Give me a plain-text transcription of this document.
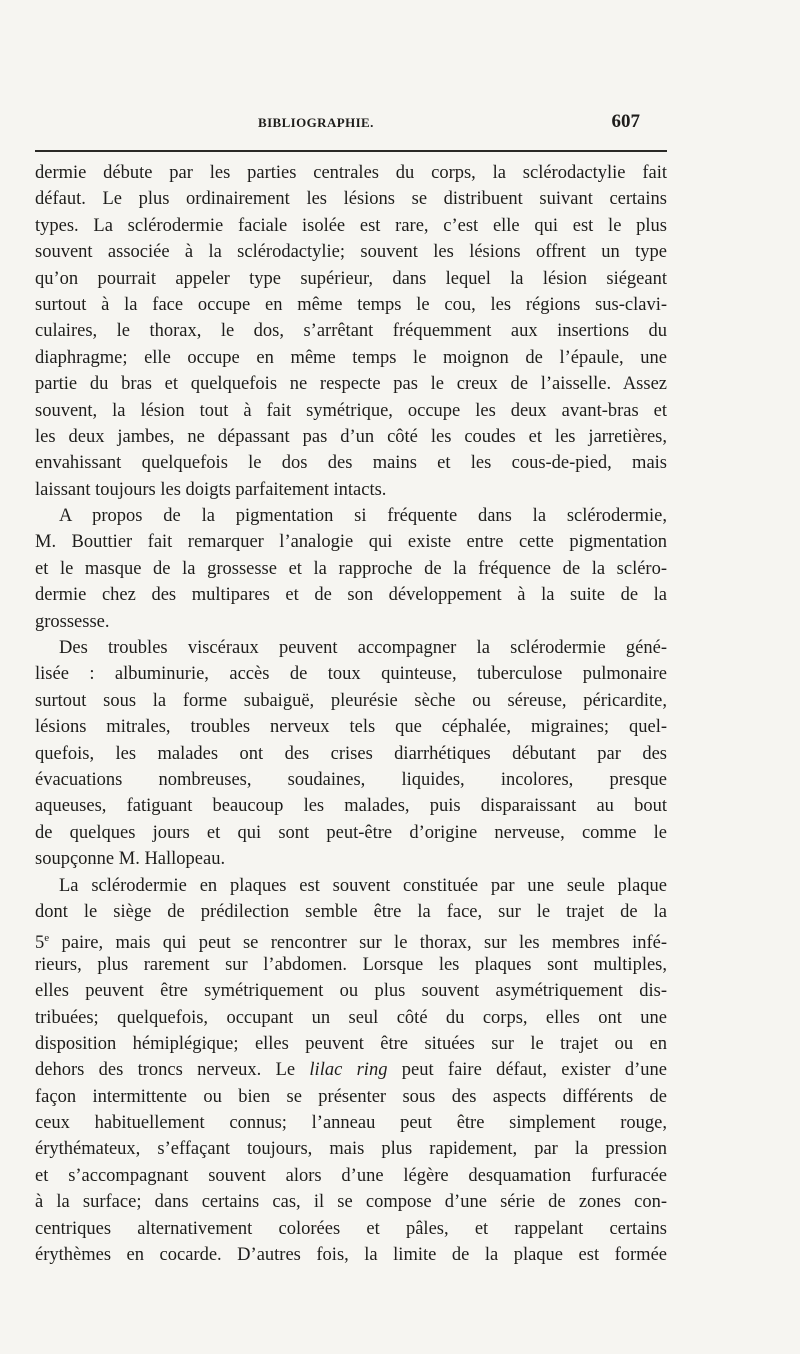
BIBLIOGRAPHIE.	607
dermie débute par les parties centrales du corps, la sclérodactylie fait
défaut. Le plus ordinairement les lésions se distribuent suivant certains
types. La sclérodermie faciale isolée est rare, c’est elle qui est le plus
souvent associée à la sclérodactylie; souvent les lésions offrent un type
qu’on pourrait appeler type supérieur, dans lequel la lésion siégeant
surtout à la face occupe en même temps le cou, les régions sus-clavi-
culaires, le thorax, le dos, s’arrêtant fréquemment aux insertions du
diaphragme; elle occupe en même temps le moignon de l’épaule, une
partie du bras et quelquefois ne respecte pas le creux de l’aisselle. Assez
souvent, la lésion tout à fait symétrique, occupe les deux avant-bras et
les deux jambes, ne dépassant pas d’un côté les coudes et les jarretières,
envahissant quelquefois le dos des mains et les cous-de-pied, mais
laissant toujours les doigts parfaitement intacts.
A propos de la pigmentation si fréquente dans la sclérodermie,
M. Bouttier fait remarquer l’analogie qui existe entre cette pigmentation
et le masque de la grossesse et la rapproche de la fréquence de la scléro-
dermie chez des multipares et de son développement à la suite de la
grossesse.
Des troubles viscéraux peuvent accompagner la sclérodermie géné-
lisée : albuminurie, accès de toux quinteuse, tuberculose pulmonaire
surtout sous la forme subaiguë, pleurésie sèche ou séreuse, péricardite,
lésions mitrales, troubles nerveux tels que céphalée, migraines; quel-
quefois, les malades ont des crises diarrhétiques débutant par des
évacuations nombreuses, soudaines, liquides, incolores, presque
aqueuses, fatiguant beaucoup les malades, puis disparaissant au bout
de quelques jours et qui sont peut-être d’origine nerveuse, comme le
soupçonne M. Hallopeau.
La sclérodermie en plaques est souvent constituée par une seule plaque
dont le siège de prédilection semble être la face, sur le trajet de la
5e paire, mais qui peut se rencontrer sur le thorax, sur les membres infé-
rieurs, plus rarement sur l’abdomen. Lorsque les plaques sont multiples,
elles peuvent être symétriquement ou plus souvent asymétriquement dis-
tribuées; quelquefois, occupant un seul côté du corps, elles ont une
disposition hémiplégique; elles peuvent être situées sur le trajet ou en
dehors des troncs nerveux. Le lilac ring peut faire défaut, exister d’une
façon intermittente ou bien se présenter sous des aspects différents de
ceux habituellement connus; l’anneau peut être simplement rouge,
érythémateux, s’effaçant toujours, mais plus rapidement, par la pression
et s’accompagnant souvent alors d’une légère desquamation furfuracée
à la surface; dans certains cas, il se compose d’une série de zones con-
centriques alternativement colorées et pâles, et rappelant certains
érythèmes en cocarde. D’autres fois, la limite de la plaque est formée
